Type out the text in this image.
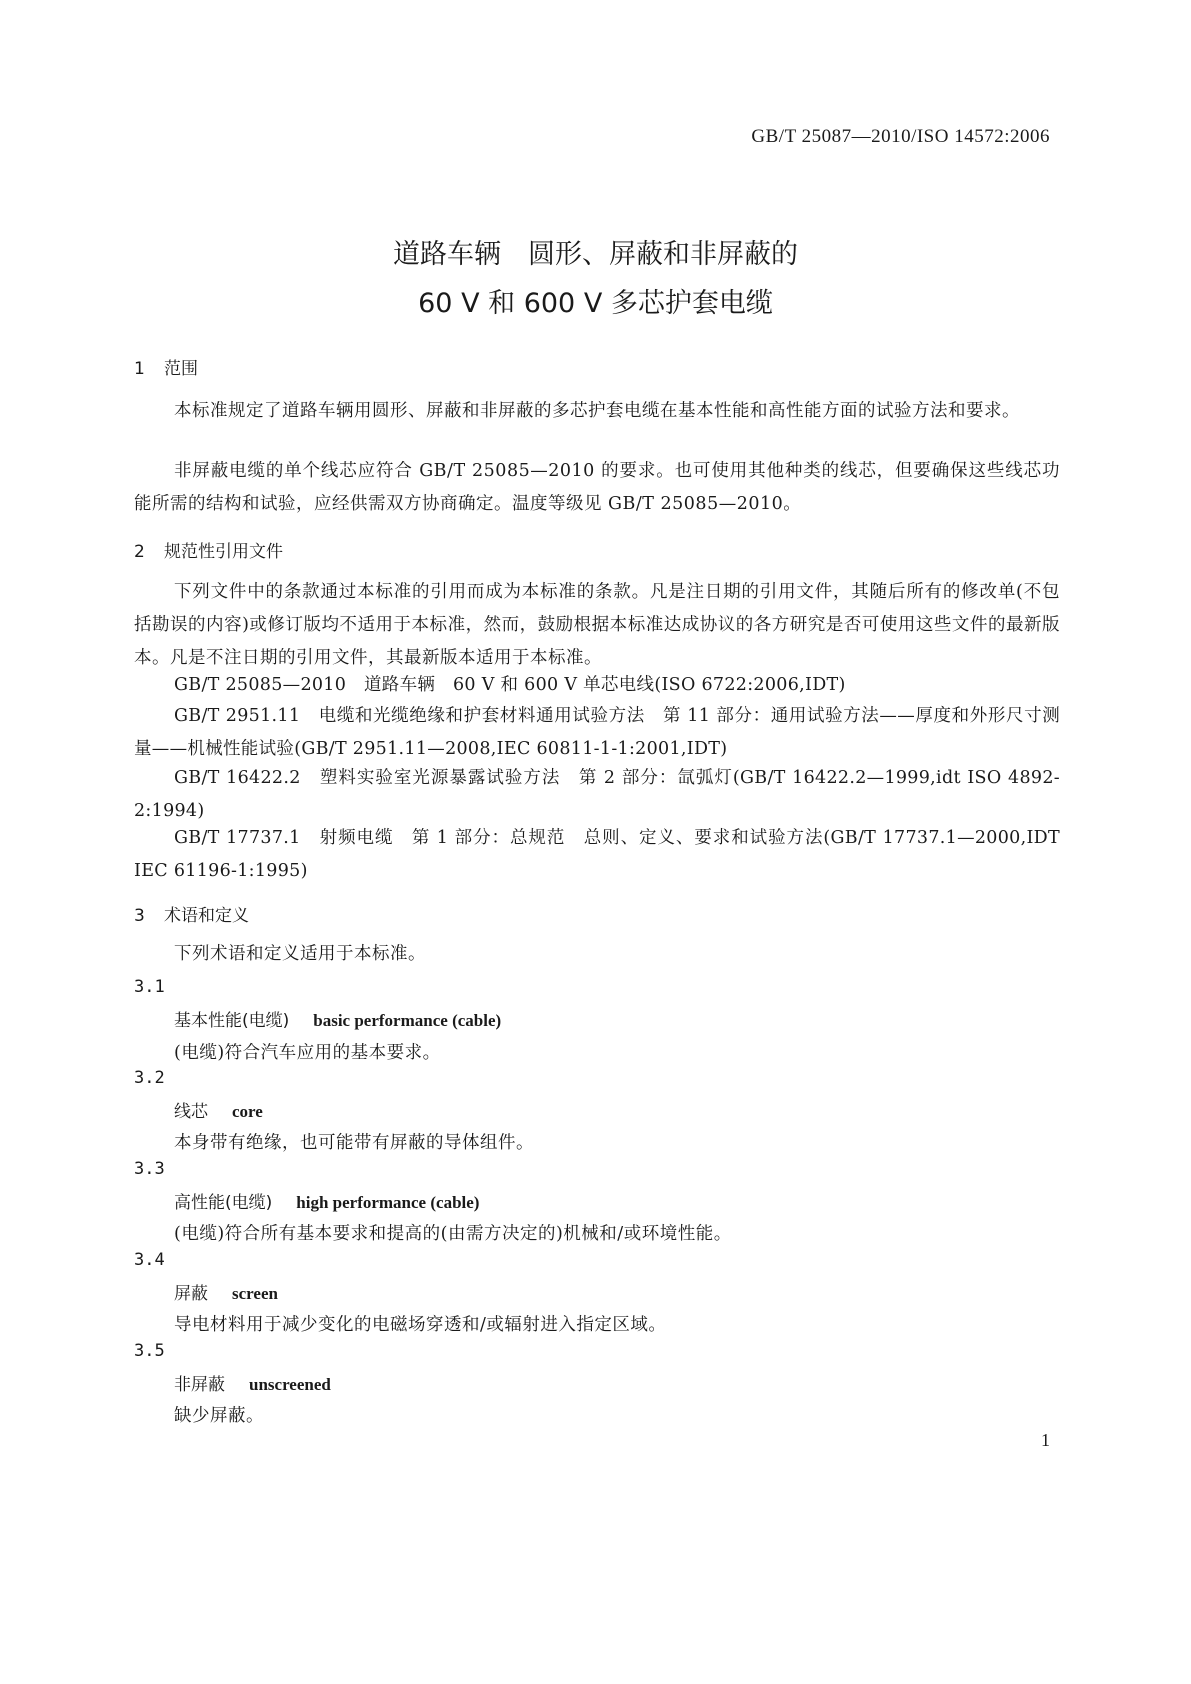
GB/T 25087—2010/ISO 14572:2006
道路车辆　圆形、屏蔽和非屏蔽的
60 V 和 600 V 多芯护套电缆
1 范围
本标准规定了道路车辆用圆形、屏蔽和非屏蔽的多芯护套电缆在基本性能和高性能方面的试验方法和要求。
非屏蔽电缆的单个线芯应符合 GB/T 25085—2010 的要求。也可使用其他种类的线芯，但要确保这些线芯功能所需的结构和试验，应经供需双方协商确定。温度等级见 GB/T 25085—2010。
2 规范性引用文件
下列文件中的条款通过本标准的引用而成为本标准的条款。凡是注日期的引用文件，其随后所有的修改单(不包括勘误的内容)或修订版均不适用于本标准，然而，鼓励根据本标准达成协议的各方研究是否可使用这些文件的最新版本。凡是不注日期的引用文件，其最新版本适用于本标准。
GB/T 25085—2010　道路车辆　60 V 和 600 V 单芯电线(ISO 6722:2006,IDT)
GB/T 2951.11　电缆和光缆绝缘和护套材料通用试验方法　第 11 部分：通用试验方法——厚度和外形尺寸测量——机械性能试验(GB/T 2951.11—2008,IEC 60811-1-1:2001,IDT)
GB/T 16422.2　塑料实验室光源暴露试验方法　第 2 部分：氙弧灯(GB/T 16422.2—1999,idt ISO 4892-2:1994)
GB/T 17737.1　射频电缆　第 1 部分：总规范　总则、定义、要求和试验方法(GB/T 17737.1—2000,IDT IEC 61196-1:1995)
3 术语和定义
下列术语和定义适用于本标准。
3.1
基本性能(电缆) basic performance (cable)
(电缆)符合汽车应用的基本要求。
3.2
线芯 core
本身带有绝缘，也可能带有屏蔽的导体组件。
3.3
高性能(电缆) high performance (cable)
(电缆)符合所有基本要求和提高的(由需方决定的)机械和/或环境性能。
3.4
屏蔽 screen
导电材料用于减少变化的电磁场穿透和/或辐射进入指定区域。
3.5
非屏蔽 unscreened
缺少屏蔽。
1
